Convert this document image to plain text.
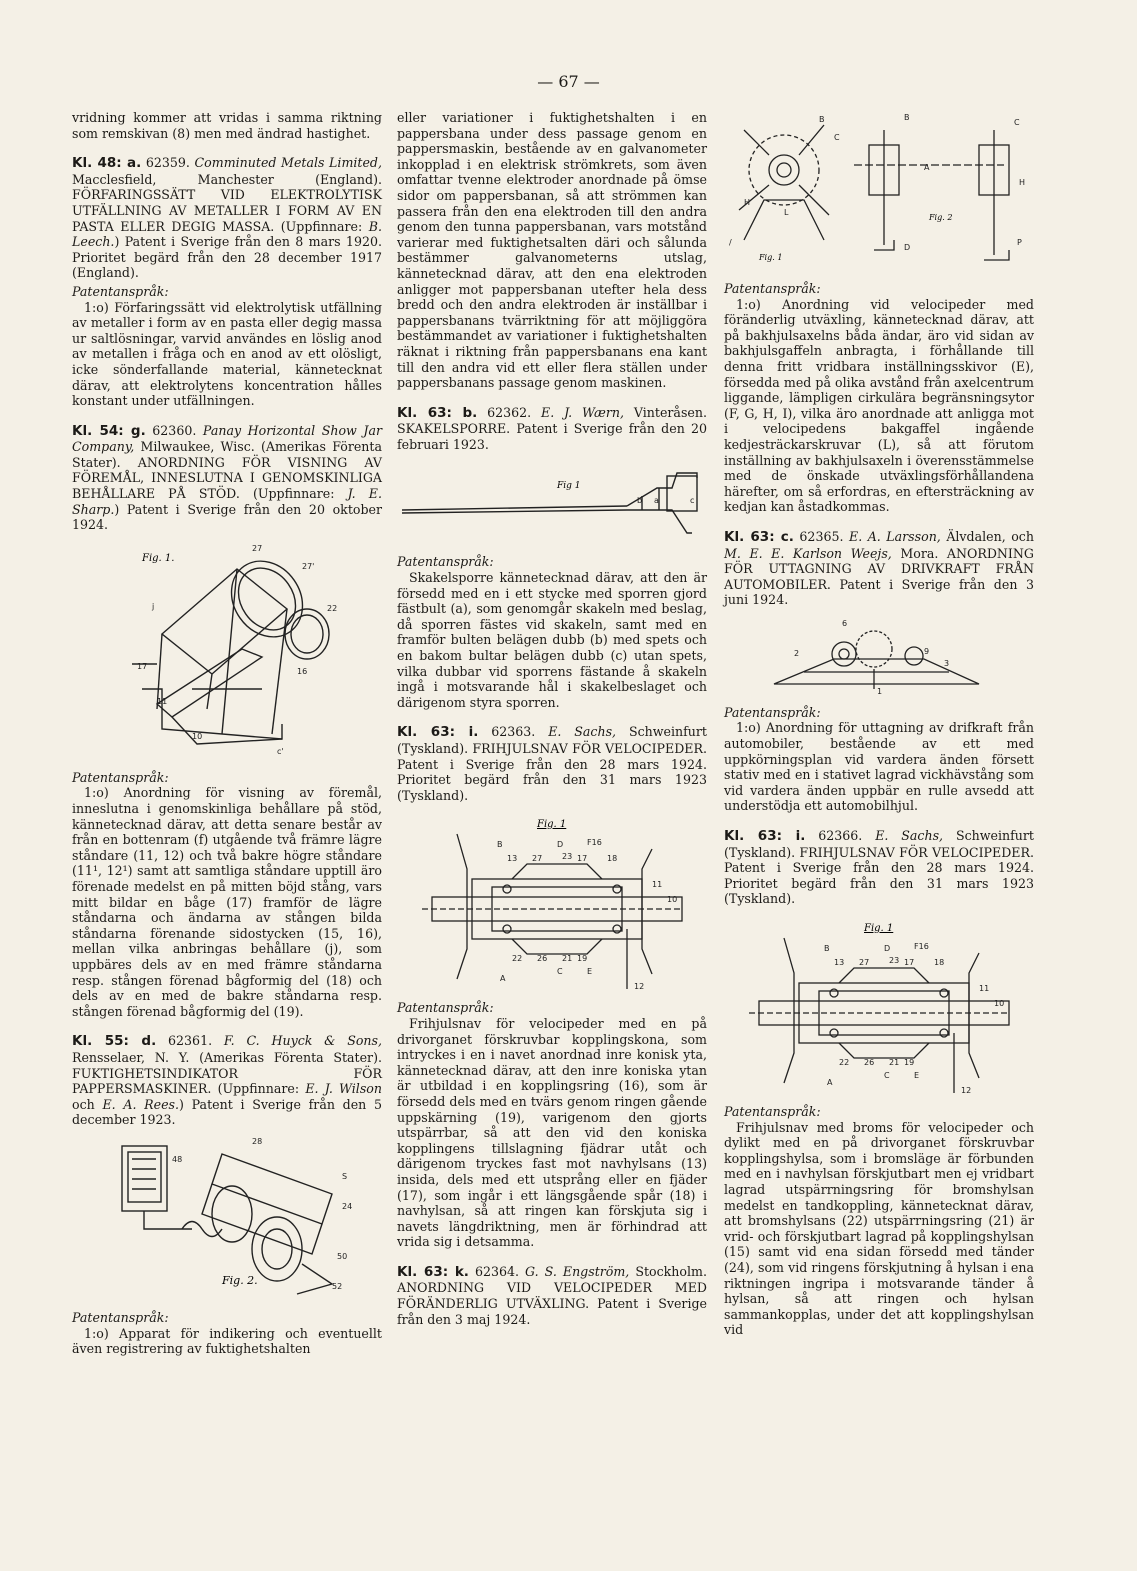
— 67 —

vridning kommer att vridas i samma riktning som remskivan (8) men med ändrad hastighet.

Kl. 48: a. 62359. Comminuted Metals Limited, Macclesfield, Manchester (England). FÖRFARINGSSÄTT VID ELEKTROLYTISK UTFÄLLNING AV METALLER I FORM AV EN PASTA ELLER DEGIG MASSA. (Uppfinnare: B. Leech.) Patent i Sverige från den 8 mars 1920. Prioritet begärd från den 28 december 1917 (England).

Patentanspråk:

1:o) Förfaringssätt vid elektrolytisk utfällning av metaller i form av en pasta eller degig massa ur saltlösningar, varvid användes en löslig anod av metallen i fråga och en anod av ett olösligt, icke sönderfallande material, kännetecknat därav, att elektrolytens koncentration hålles konstant under utfällningen.

Kl. 54: g. 62360. Panay Horizontal Show Jar Company, Milwaukee, Wisc. (Amerikas Förenta Stater). ANORDNING FÖR VISNING AV FÖREMÅL, INNESLUTNA I GENOMSKINLIGA BEHÅLLARE PÅ STÖD. (Uppfinnare: J. E. Sharp.) Patent i Sverige från den 20 oktober 1924.

Fig. 1.
27
27'
j	22
17
11
10
c'
16

Patentanspråk:

1:o) Anordning för visning av föremål, inneslutna i genomskinliga behållare på stöd, kännetecknad därav, att detta senare består av från en bottenram (f) utgående två främre lägre ståndare (11, 12) och två bakre högre ståndare (11¹, 12¹) samt att samtliga ståndare upptill äro förenade medelst en på mitten böjd stång, vars mitt bildar en båge (17) framför de lägre ståndarna och ändarna av stången bilda ståndarna förenande sidostycken (15, 16), mellan vilka anbringas behållare (j), som uppbäres dels av en med främre ståndarna resp. stången förenad bågformig del (18) och dels av en med de bakre ståndarna resp. stången förenad bågformig del (19).

Kl. 55: d. 62361. F. C. Huyck & Sons, Rensselaer, N. Y. (Amerikas Förenta Stater). FUKTIGHETSINDIKATOR FÖR PAPPERSMASKINER. (Uppfinnare: E. J. Wilson och E. A. Rees.) Patent i Sverige från den 5 december 1923.

Fig. 2.
28
48
S
24
50
52

Patentanspråk:

1:o) Apparat för indikering och eventuellt även registrering av fuktighetshalten

eller variationer i fuktighetshalten i en pappersbana under dess passage genom en pappersmaskin, bestående av en galvanometer inkopplad i en elektrisk strömkrets, som även omfattar tvenne elektroder anordnade på ömse sidor om pappersbanan, så att strömmen kan passera från den ena elektroden till den andra genom den tunna pappersbanan, vars motstånd varierar med fuktighetsalten däri och sålunda bestämmer galvanometerns utslag, kännetecknad därav, att den ena elektroden anligger mot pappersbanan utefter hela dess bredd och den andra elektroden är inställbar i pappersbanans tvärriktning för att möjliggöra bestämmandet av variationer i fuktighetshalten räknat i riktning från pappersbanans ena kant till den andra vid ett eller flera ställen under pappersbanans passage genom maskinen.

Kl. 63: b. 62362. E. J. Wærn, Vinteråsen. SKAKELSPORRE. Patent i Sverige från den 20 februari 1923.

Fig 1
b a	c

Patentanspråk:

Skakelsporre kännetecknad därav, att den är försedd med en i ett stycke med sporren gjord fästbult (a), som genomgår skakeln med beslag, då sporren fästes vid skakeln, samt med en framför bulten belägen dubb (b) med spets och en bakom bultar belägen dubb (c) utan spets, vilka dubbar vid sporrens fästande å skakeln ingå i motsvarande hål i skakelbeslaget och därigenom styra sporren.

Kl. 63: i. 62363. E. Sachs, Schweinfurt (Tyskland). FRIHJULSNAV FÖR VELOCIPEDER. Patent i Sverige från den 28 mars 1924. Prioritet begärd från den 31 mars 1923 (Tyskland).

Fig. 1
B	D	F16
13 27 23 17 18
11
10
22 26 21 19
A
C	E
12

Patentanspråk:

Frihjulsnav för velocipeder med en på drivorganet förskruvbar kopplingskona, som intryckes i en i navet anordnad inre konisk yta, kännetecknad därav, att den inre koniska ytan är utbildad i en kopplingsring (16), som är försedd dels med en tvärs genom ringen gående uppskärning (19), varigenom den gjorts utspärrbar, så att den vid den koniska kopplingens tillslagning fjädrar utåt och därigenom tryckes fast mot navhylsans (13) insida, dels med ett utsprång eller en fjäder (17), som ingår i ett längsgående spår (18) i navhylsan, så att ringen kan förskjuta sig i navets längdriktning, men är förhindrad att vrida sig i detsamma.

Kl. 63: k. 62364. G. S. Engström, Stockholm. ANORDNING VID VELOCIPEDER MED FÖRÄNDERLIG UTVÄXLING. Patent i Sverige från den 3 maj 1924.

Fig. 1
Fig. 2
B
C
H
L
/
B
C
A
H
D
P

Patentanspråk:

1:o) Anordning vid velocipeder med föränderlig utväxling, kännetecknad därav, att på bakhjulsaxelns båda ändar, äro vid sidan av bakhjulsgaffeln anbragta, i förhållande till denna fritt vridbara inställningsskivor (E), försedda med på olika avstånd från axelcentrum liggande, lämpligen cirkulära begränsningsytor (F, G, H, I), vilka äro anordnade att anligga mot i velocipedens bakgaffel ingående kedjesträckarskruvar (L), så att förutom inställning av bakhjulsaxeln i överensstämmelse med de önskade utväxlingsförhållandena härefter, om så erfordras, en eftersträckning av kedjan kan åstadkommas.

Kl. 63: c. 62365. E. A. Larsson, Älvdalen, och M. E. E. Karlson Weejs, Mora. ANORDNING FÖR UTTAGNING AV DRIVKRAFT FRÅN AUTOMOBILER. Patent i Sverige från den 3 juni 1924.

6
2	9
3
1

Patentanspråk:

1:o) Anordning för uttagning av drifkraft från automobiler, bestående av ett med uppkörningsplan vid vardera änden försett stativ med en i stativet lagrad vickhävstång som vid vardera änden uppbär en rulle avsedd att understödja ett automobilhjul.

Kl. 63: i. 62366. E. Sachs, Schweinfurt (Tyskland). FRIHJULSNAV FÖR VELOCIPEDER. Patent i Sverige från den 28 mars 1924. Prioritet begärd från den 31 mars 1923 (Tyskland).

Fig. 1
B	D	F16
13 27 23 17 18
11
10
22 26 21 19
A
C	E
12

Patentanspråk:

Frihjulsnav med broms för velocipeder och dylikt med en på drivorganet förskruvbar kopplingshylsa, som i bromsläge är förbunden med en i navhylsan förskjutbart men ej vridbart lagrad utspärrningsring för bromshylsan medelst en tandkoppling, kännetecknat därav, att bromshylsans (22) utspärrningsring (21) är vrid- och förskjutbart lagrad på kopplingshylsan (15) samt vid ena sidan försedd med tänder (24), som vid ringens förskjutning å hylsan i ena riktningen ingripa i motsvarande tänder å hylsan, så att ringen och hylsan sammankopplas, under det att kopplingshylsan vid
